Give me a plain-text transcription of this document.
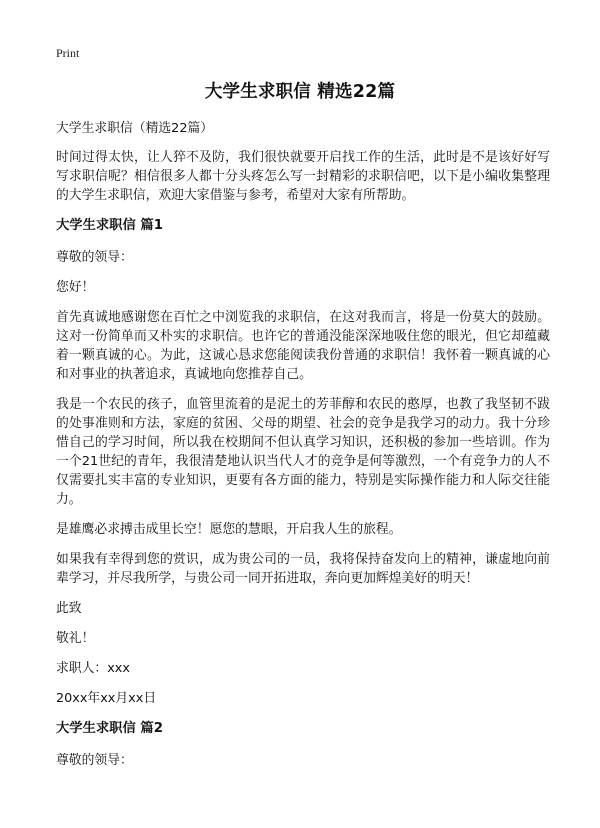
Print
大学生求职信 精选22篇

大学生求职信（精选22篇）

时间过得太快，让人猝不及防，我们很快就要开启找工作的生活，此时是不是该好好写写求职信呢？相信很多人都十分头疼怎么写一封精彩的求职信吧，以下是小编收集整理的大学生求职信，欢迎大家借鉴与参考，希望对大家有所帮助。

大学生求职信 篇1

尊敬的领导：

您好！

首先真诚地感谢您在百忙之中浏览我的求职信，在这对我而言，将是一份莫大的鼓励。这对一份简单而又朴实的求职信。也许它的普通没能深深地吸住您的眼光，但它却蕴藏着一颗真诚的心。为此，这诚心恳求您能阅读我份普通的求职信！我怀着一颗真诚的心和对事业的执著追求，真诚地向您推荐自己。

我是一个农民的孩子，血管里流着的是泥土的芳菲醇和农民的憨厚，也教了我坚韧不跋的处事准则和方法，家庭的贫困、父母的期望、社会的竞争是我学习的动力。我十分珍惜自己的学习时间，所以我在校期间不但认真学习知识，还积极的参加一些培训。作为一个21世纪的青年，我很清楚地认识当代人才的竞争是何等激烈，一个有竞争力的人不仅需要扎实丰富的专业知识，更要有各方面的能力，特别是实际操作能力和人际交往能力。

是雄鹰必求搏击成里长空！愿您的慧眼，开启我人生的旅程。

如果我有幸得到您的赏识，成为贵公司的一员，我将保持奋发向上的精神，谦虚地向前辈学习，并尽我所学，与贵公司一同开拓进取，奔向更加辉煌美好的明天！

此致

敬礼！

求职人：xxx

20xx年xx月xx日

大学生求职信 篇2

尊敬的领导：
